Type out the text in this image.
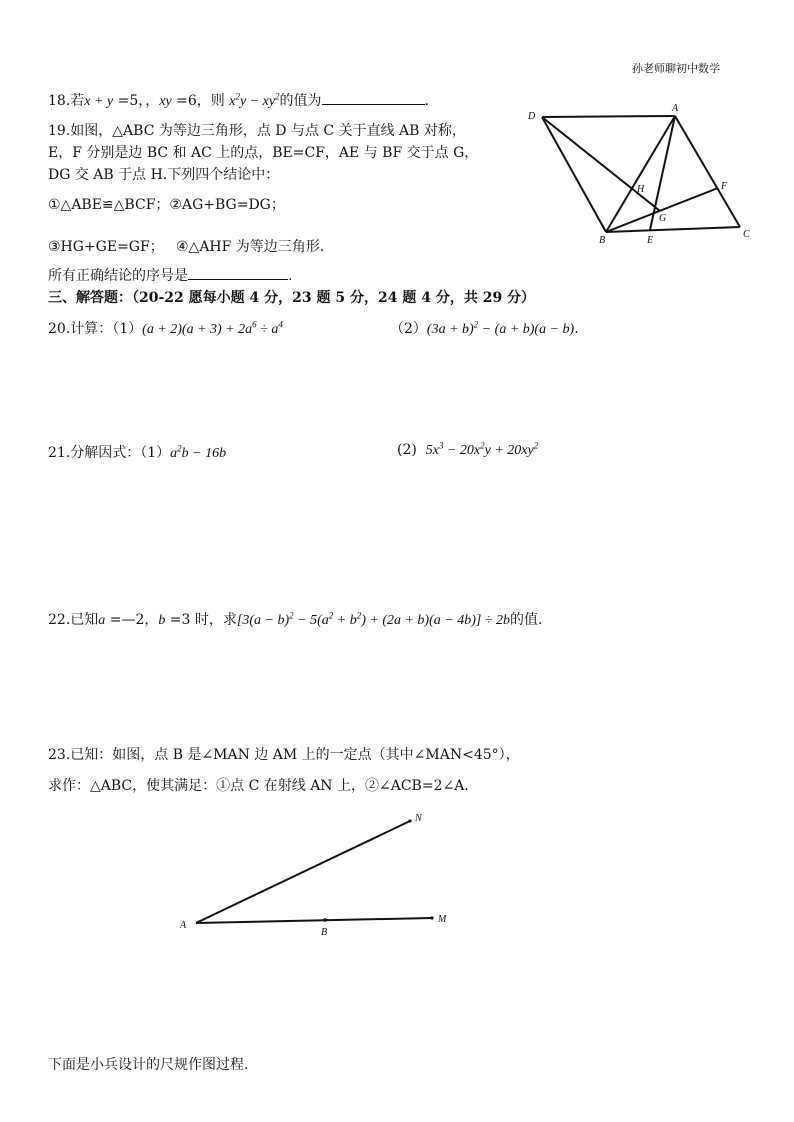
孙老师聊初中数学
18.若x + y =5，，xy =6，则 $x^2y - xy^2$的值为	.
19.如图，△ABC 为等边三角形，点 D 与点 C 关于直线 AB 对称，
E，F 分别是边 BC 和 AC 上的点，BE=CF，AE 与 BF 交于点 G，
DG 交 AB 于点 H.下列四个结论中：
①△ABE≌△BCF；②AG+BG=DG；
③HG+GE=GF； ④△AHF 为等边三角形.
所有正确结论的序号是	.
D
A
H	F
G
B	E
C
三、解答题：（20-22 愿每小题 4 分，23 题 5 分，24 题 4 分，共 29 分）
20.计算：$(1)(a + 2)(a + 3) + 2a^6 \div a^4$	$(2)(3a + b)^2 - (a + b)(a - b)$.
21.分解因式：$(1)a^2b - 16b$	(2) $5x^3 - 20x^2y + 20xy^2$
22.已知a =—2，b =3 时，求$[3(a - b)^2 - 5(a^2 + b^2) + (2a + b)(a - 4b)] \div 2b$的值.
23.已知：如图，点 B 是∠MAN 边 AM 上的一定点（其中∠MAN<45°），
求作：△ABC，使其满足：①点 C 在射线 AN 上，②∠ACB=2∠A.
N
A
B
M
下面是小兵设计的尺规作图过程.
